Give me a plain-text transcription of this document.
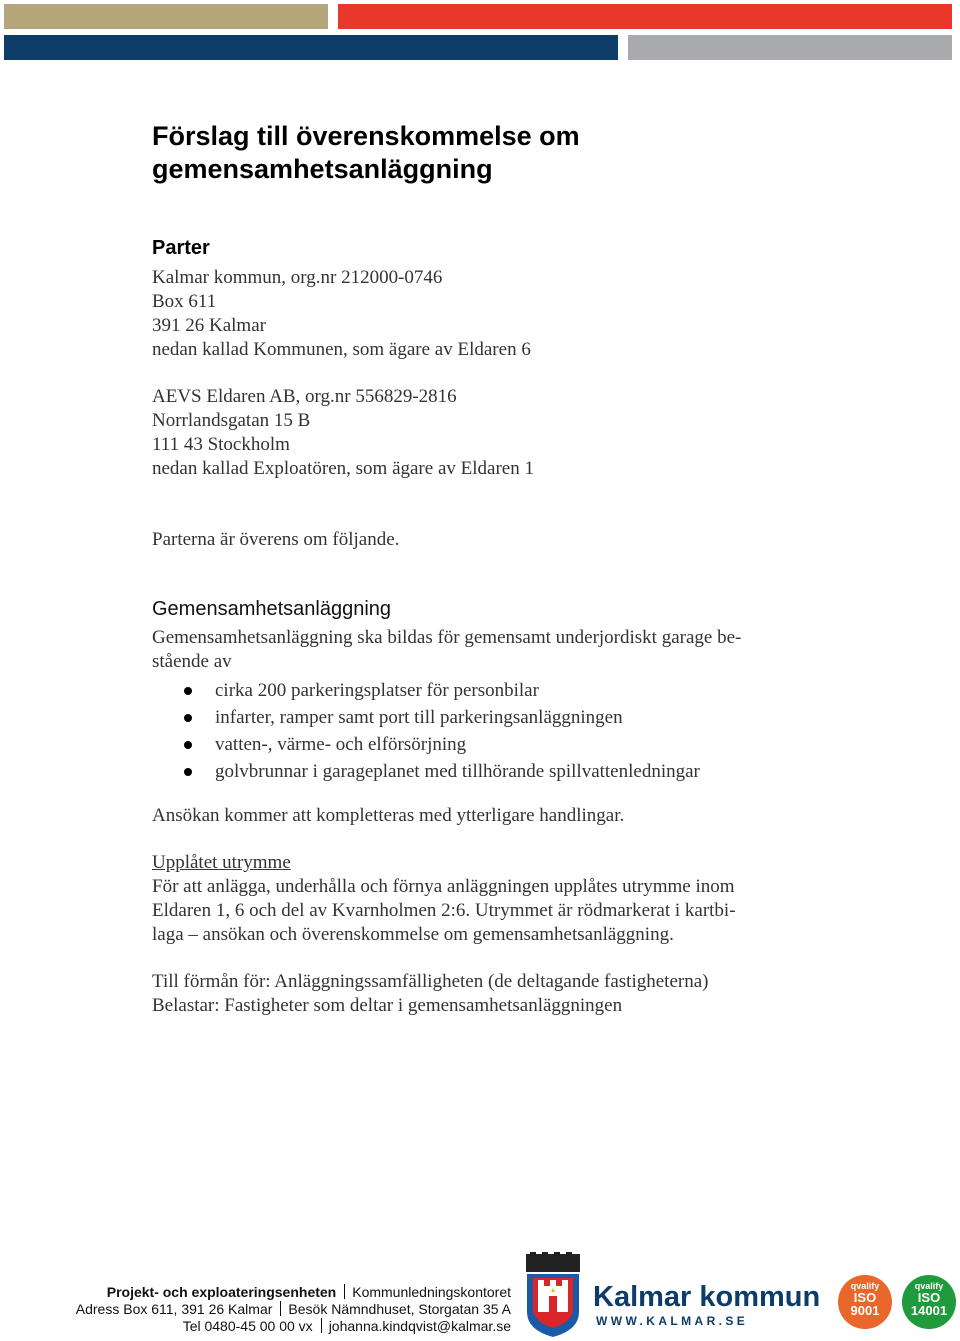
Förslag till överenskommelse om
gemensamhetsanläggning
Parter
Kalmar kommun, org.nr 212000-0746
Box 611
391 26 Kalmar
nedan kallad Kommunen, som ägare av Eldaren 6
AEVS Eldaren AB, org.nr 556829-2816
Norrlandsgatan 15 B
111 43 Stockholm
nedan kallad Exploatören, som ägare av Eldaren 1
Parterna är överens om följande.
Gemensamhetsanläggning
Gemensamhetsanläggning ska bildas för gemensamt underjordiskt garage be-
stående av
cirka 200 parkeringsplatser för personbilar
infarter, ramper samt port till parkeringsanläggningen
vatten-, värme- och elförsörjning
golvbrunnar i garageplanet med tillhörande spillvattenledningar
Ansökan kommer att kompletteras med ytterligare handlingar.
Upplåtet utrymme
För att anlägga, underhålla och förnya anläggningen upplåtes utrymme inom
Eldaren 1, 6 och del av Kvarnholmen 2:6. Utrymmet är rödmarkerat i kartbi-
laga – ansökan och överenskommelse om gemensamhetsanläggning.
Till förmån för: Anläggningssamfälligheten (de deltagande fastigheterna)
Belastar: Fastigheter som deltar i gemensamhetsanläggningen
Projekt- och exploateringsenheten Kommunledningskontoret
Adress Box 611, 391 26 Kalmar Besök Nämndhuset, Storgatan 35 A
Tel 0480-45 00 00 vx johanna.kindqvist@kalmar.se
Kalmar kommun
WWW.KALMAR.SE
qvalify
ISO
9001
qvalify
ISO
14001
